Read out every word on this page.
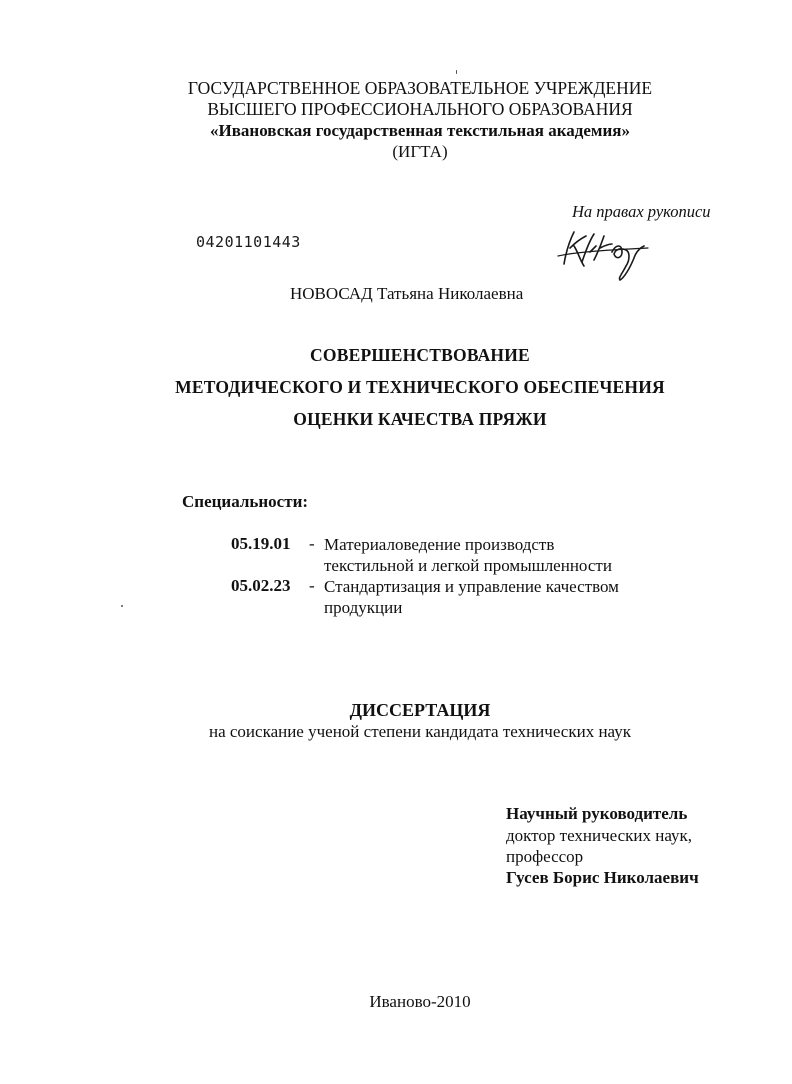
ГОСУДАРСТВЕННОЕ ОБРАЗОВАТЕЛЬНОЕ УЧРЕЖДЕНИЕ
ВЫСШЕГО ПРОФЕССИОНАЛЬНОГО ОБРАЗОВАНИЯ
«Ивановская государственная текстильная академия»
(ИГТА)
На правах рукописи
04201101443
НОВОСАД Татьяна Николаевна
СОВЕРШЕНСТВОВАНИЕ
МЕТОДИЧЕСКОГО И ТЕХНИЧЕСКОГО ОБЕСПЕЧЕНИЯ
ОЦЕНКИ КАЧЕСТВА ПРЯЖИ
Специальности:
05.19.01 - Материаловедение производств
текстильной и легкой промышленности
05.02.23 - Стандартизация и управление качеством
продукции
ДИССЕРТАЦИЯ
на соискание ученой степени кандидата технических наук
Научный руководитель
доктор технических наук,
профессор
Гусев Борис Николаевич
Иваново-2010
